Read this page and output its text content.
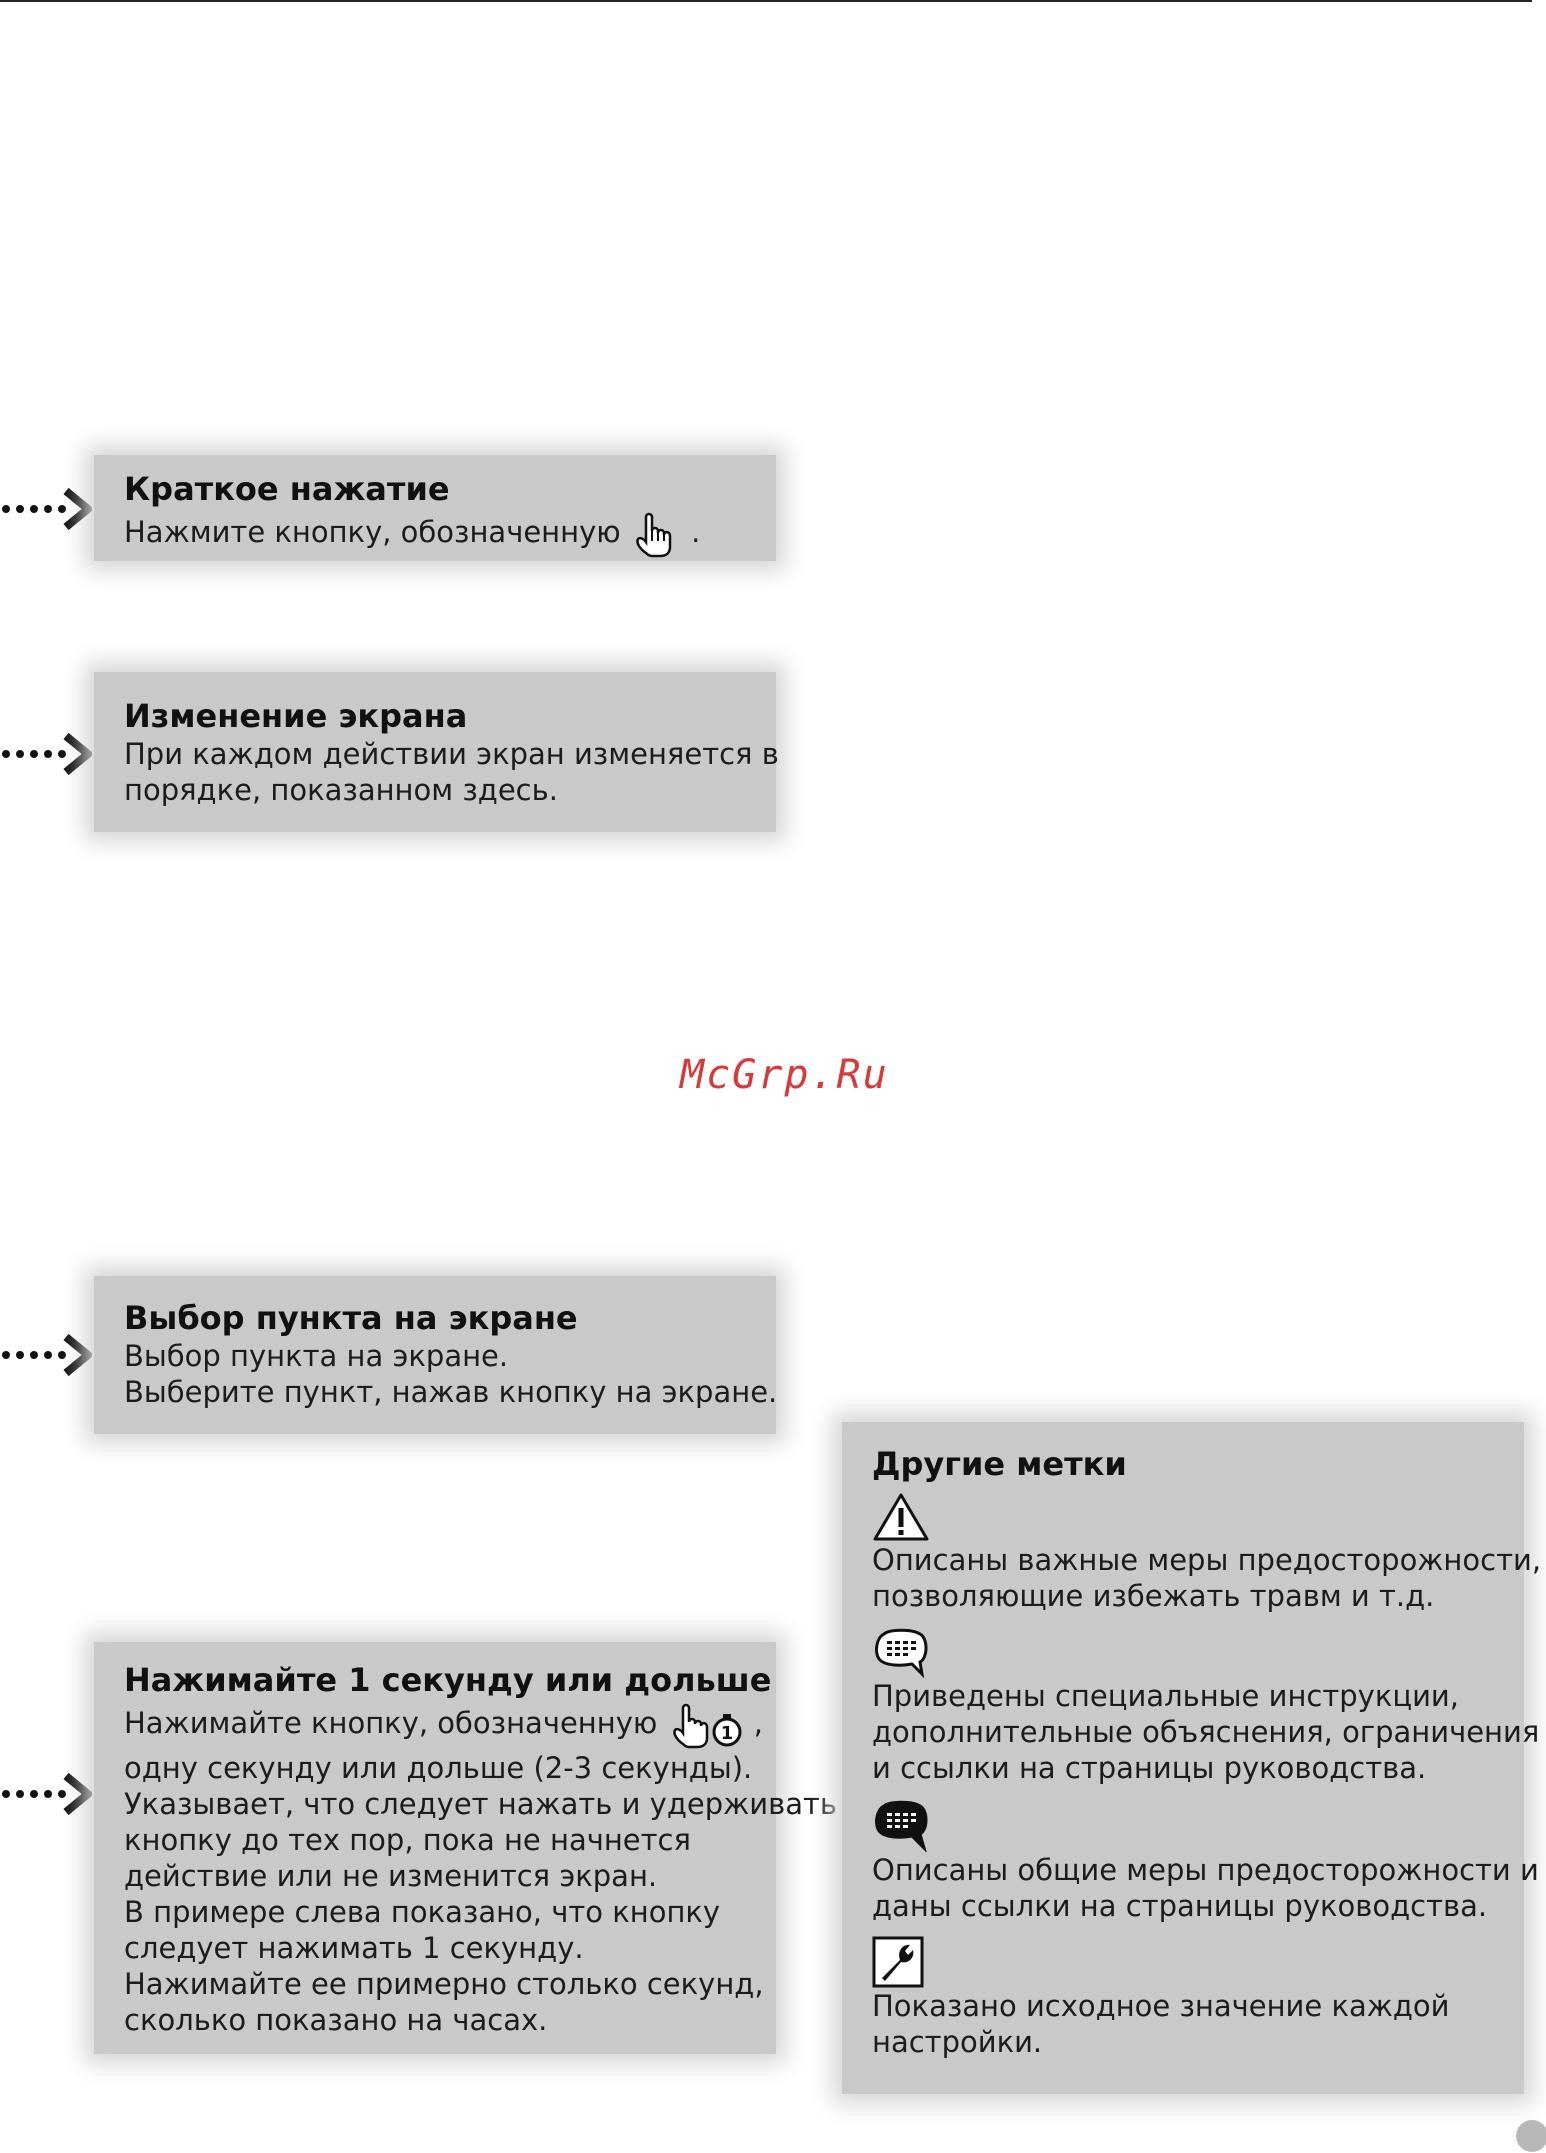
Краткое нажатие
Нажмите кнопку, обозначенную .
Изменение экрана
При каждом действии экран изменяется в
порядке, показанном здесь.
McGrp.Ru
Выбор пункта на экране
Выбор пункта на экране.
Выберите пункт, нажав кнопку на экране.
Нажимайте 1 секунду или дольше
Нажимайте кнопку, обозначенную	1 ,
одну секунду или дольше (2-3 секунды).
Указывает, что следует нажать и удерживать
кнопку до тех пор, пока не начнется
действие или не изменится экран.
В примере слева показано, что кнопку
следует нажимать 1 секунду.
Нажимайте ее примерно столько секунд,
сколько показано на часах.
Другие метки
Описаны важные меры предосторожности,
позволяющие избежать травм и т.д.
Приведены специальные инструкции,
дополнительные объяснения, ограничения
и ссылки на страницы руководства.
Описаны общие меры предосторожности и
даны ссылки на страницы руководства.
Показано исходное значение каждой
настройки.
